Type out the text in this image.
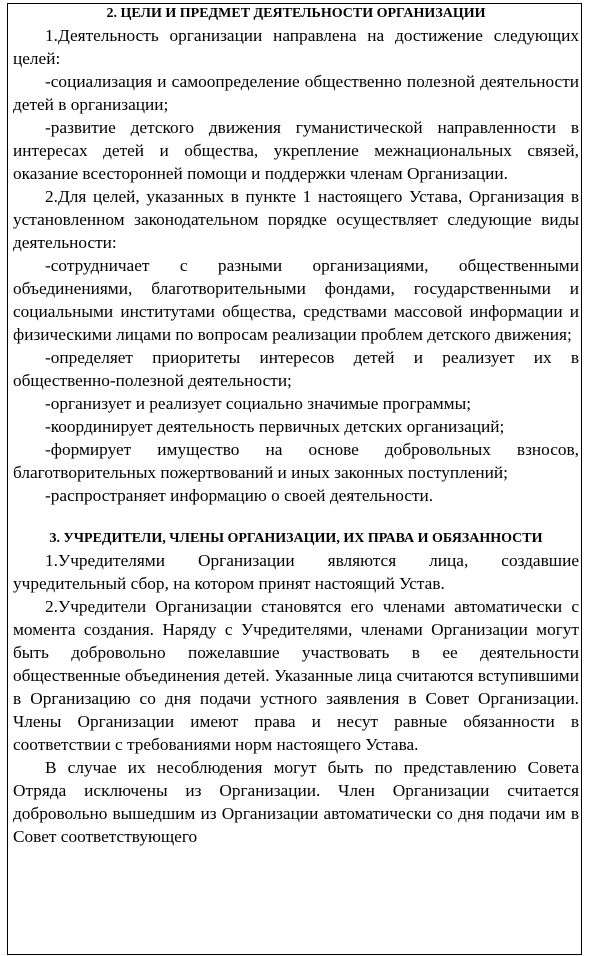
2. ЦЕЛИ И ПРЕДМЕТ ДЕЯТЕЛЬНОСТИ ОРГАНИЗАЦИИ

1.Деятельность организации направлена на достижение следующих целей:

-социализация и самоопределение общественно полезной деятельности детей в организации;

-развитие детского движения гуманистической направленности в интересах детей и общества, укрепление межнациональных связей, оказание всесторонней помощи и поддержки членам Организации.

2.Для целей, указанных в пункте 1 настоящего Устава, Организация в установленном законодательном порядке осуществляет следующие виды деятельности:

-сотрудничает с разными организациями, общественными объединениями, благотворительными фондами, государственными и социальными институтами общества, средствами массовой информации и физическими лицами по вопросам реализации проблем детского движения;

-определяет приоритеты интересов детей и реализует их в общественно-полезной деятельности;

-организует и реализует социально значимые программы;

-координирует деятельность первичных детских организаций;

-формирует имущество на основе добровольных взносов, благотворительных пожертвований и иных законных поступлений;

-распространяет информацию о своей деятельности.

3. УЧРЕДИТЕЛИ, ЧЛЕНЫ ОРГАНИЗАЦИИ, ИХ ПРАВА И ОБЯЗАННОСТИ

1.Учредителями Организации являются лица, создавшие учредительный сбор, на котором принят настоящий Устав.

2.Учредители Организации становятся его членами автоматически с момента создания. Наряду с Учредителями, членами Организации могут быть добровольно пожелавшие участвовать в ее деятельности общественные объединения детей. Указанные лица считаются вступившими в Организацию со дня подачи устного заявления в Совет Организации. Члены Организации имеют права и несут равные обязанности в соответствии с требованиями норм настоящего Устава.

В случае их несоблюдения могут быть по представлению Совета Отряда исключены из Организации. Член Организации считается добровольно вышедшим из Организации автоматически со дня подачи им в Совет соответствующего
